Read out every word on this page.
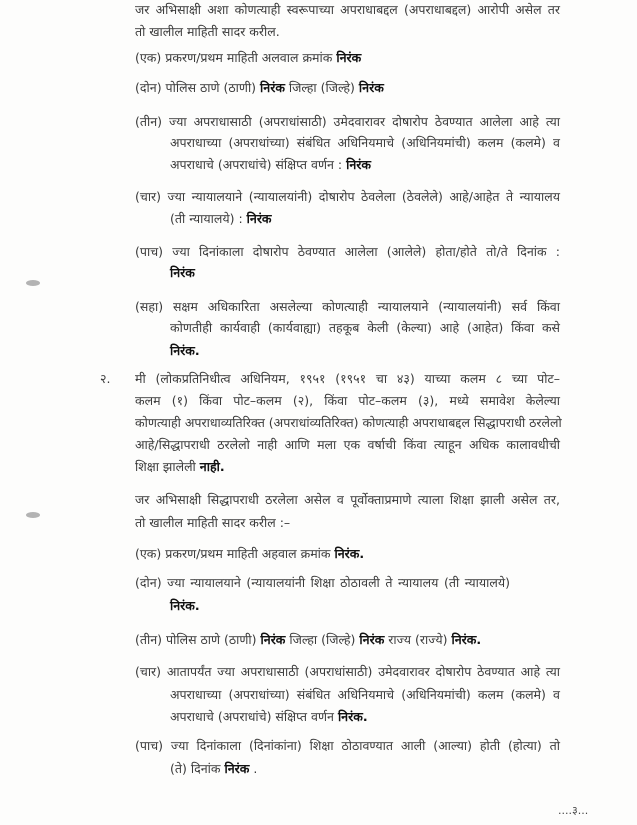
जर अभिसाक्षी अशा कोणत्याही स्वरूपाच्या अपराधाबद्दल (अपराधाबद्दल) आरोपी असेल तर
तो खालील माहिती सादर करील.
(एक) प्रकरण/प्रथम माहिती अलवाल क्रमांक निरंक
(दोन) पोलिस ठाणे (ठाणी) निरंक जिल्हा (जिल्हे) निरंक
(तीन) ज्या अपराधासाठी (अपराधांसाठी) उमेदवारावर दोषारोप ठेवण्यात आलेला आहे त्या
अपराधाच्या (अपराधांच्या) संबंधित अधिनियमाचे (अधिनियमांची) कलम (कलमे) व
अपराधाचे (अपराधांचे) संक्षिप्त वर्णन : निरंक
(चार) ज्या न्यायालयाने (न्यायालयांनी) दोषारोप ठेवलेला (ठेवलेले) आहे/आहेत ते न्यायालय
(ती न्यायालये) : निरंक
(पाच) ज्या दिनांकाला दोषारोप ठेवण्यात आलेला (आलेले) होता/होते तो/ते दिनांक :
निरंक
(सहा) सक्षम अधिकारिता असलेल्या कोणत्याही न्यायालयाने (न्यायालयांनी) सर्व किंवा
कोणतीही कार्यवाही (कार्यवाह्या) तहकूब केली (केल्या) आहे (आहेत) किंवा कसे
निरंक.
२. मी (लोकप्रतिनिधीत्व अधिनियम, १९५१ (१९५१ चा ४३) याच्या कलम ८ च्या पोट–
कलम (१) किंवा पोट–कलम (२), किंवा पोट–कलम (३), मध्ये समावेश केलेल्या
कोणत्याही अपराधाव्यतिरिक्त (अपराधांव्यतिरिक्त) कोणत्याही अपराधाबद्दल सिद्धापराधी ठरलेलो
आहे/सिद्धापराधी ठरलेलो नाही आणि मला एक वर्षाची किंवा त्याहून अधिक कालावधीची
शिक्षा झालेली नाही.
जर अभिसाक्षी सिद्धापराधी ठरलेला असेल व पूर्वोक्ताप्रमाणे त्याला शिक्षा झाली असेल तर,
तो खालील माहिती सादर करील :–
(एक) प्रकरण/प्रथम माहिती अहवाल क्रमांक निरंक.
(दोन) ज्या न्यायालयाने (न्यायालयांनी शिक्षा ठोठावली ते न्यायालय (ती न्यायालये)
निरंक.
(तीन) पोलिस ठाणे (ठाणी) निरंक जिल्हा (जिल्हे) निरंक राज्य (राज्ये) निरंक.
(चार) आतापर्यंत ज्या अपराधासाठी (अपराधांसाठी) उमेदवारावर दोषारोप ठेवण्यात आहे त्या
अपराधाच्या (अपराधांच्या) संबंधित अधिनियमाचे (अधिनियमांची) कलम (कलमे) व
अपराधाचे (अपराधांचे) संक्षिप्त वर्णन निरंक.
(पाच) ज्या दिनांकाला (दिनांकांना) शिक्षा ठोठावण्यात आली (आल्या) होती (होत्या) तो
(ते) दिनांक निरंक .
....३...
